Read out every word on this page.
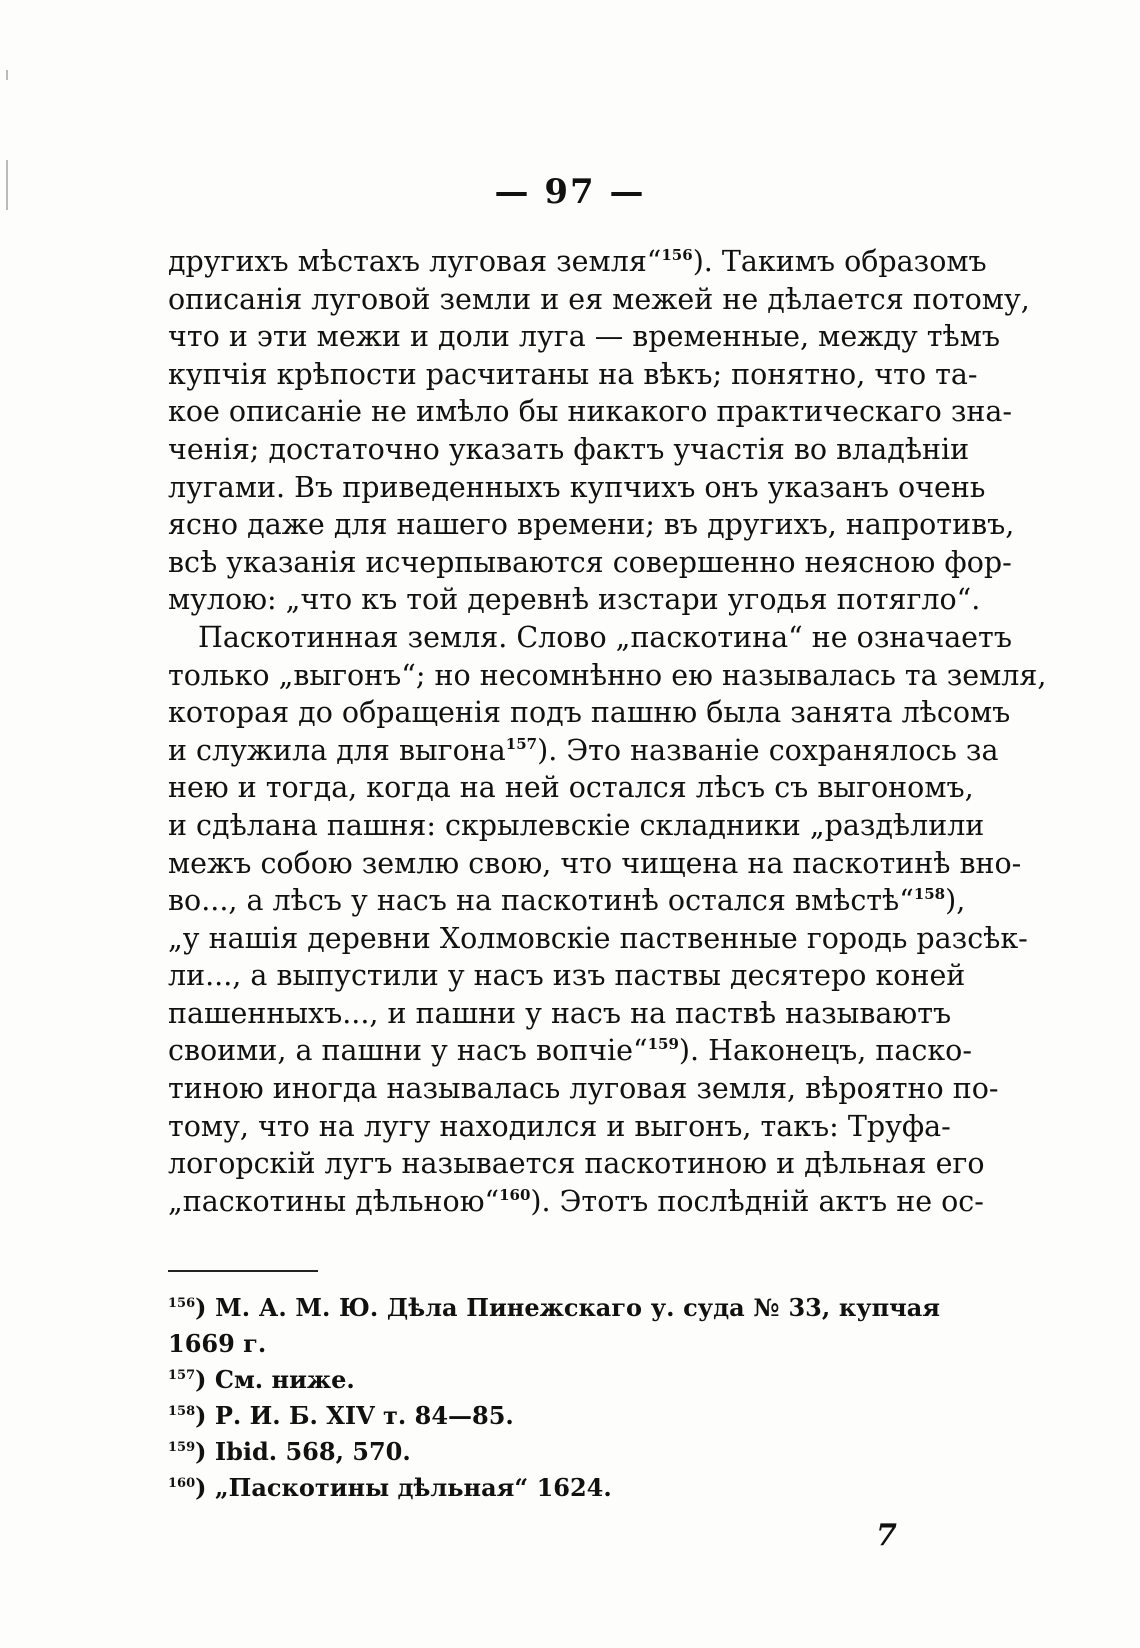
— 97 —
другихъ мѣстахъ луговая земля“$^{156}$). Такимъ образомъ
описанія луговой земли и ея межей не дѣлается потому,
что и эти межи и доли луга — временные, между тѣмъ
купчія крѣпости расчитаны на вѣкъ; понятно, что та-
кое описаніе не имѣло бы никакого практическаго зна-
ченія; достаточно указать фактъ участія во владѣніи
лугами. Въ приведенныхъ купчихъ онъ указанъ очень
ясно даже для нашего времени; въ другихъ, напротивъ,
всѣ указанія исчерпываются совершенно неясною фор-
мулою: „что къ той деревнѣ изстари угодья потягло“.
Паскотинная земля. Слово „паскотина“ не означаетъ
только „выгонъ“; но несомнѣнно ею называлась та земля,
которая до обращенія подъ пашню была занята лѣсомъ
и служила для выгона$^{157}$). Это названіе сохранялось за
нею и тогда, когда на ней остался лѣсъ съ выгономъ,
и сдѣлана пашня: скрылевскіе складники „раздѣлили
межъ собою землю свою, что чищена на паскотинѣ вно-
во..., а лѣсъ у насъ на паскотинѣ остался вмѣстѣ“$^{158}$),
„у нашія деревни Холмовскіе паственные городь разсѣк-
ли..., а выпустили у насъ изъ паствы десятеро коней
пашенныхъ..., и пашни у насъ на паствѣ называютъ
своими, а пашни у насъ вопчіе“$^{159}$). Наконецъ, паско-
тиною иногда называлась луговая земля, вѣроятно по-
тому, что на лугу находился и выгонъ, такъ: Труфа-
логорскій лугъ называется паскотиною и дѣльная его
„паскотины дѣльною“$^{160}$). Этотъ послѣдній актъ не ос-
$^{156}$) М. А. М. Ю. Дѣла Пинежскаго у. суда № 33, купчая
1669 г.
$^{157}$) См. ниже.
$^{158}$) Р. И. Б. XIV т. 84—85.
$^{159}$) Ibid. 568, 570.
$^{160}$) „Паскотины дѣльная“ 1624.
7
